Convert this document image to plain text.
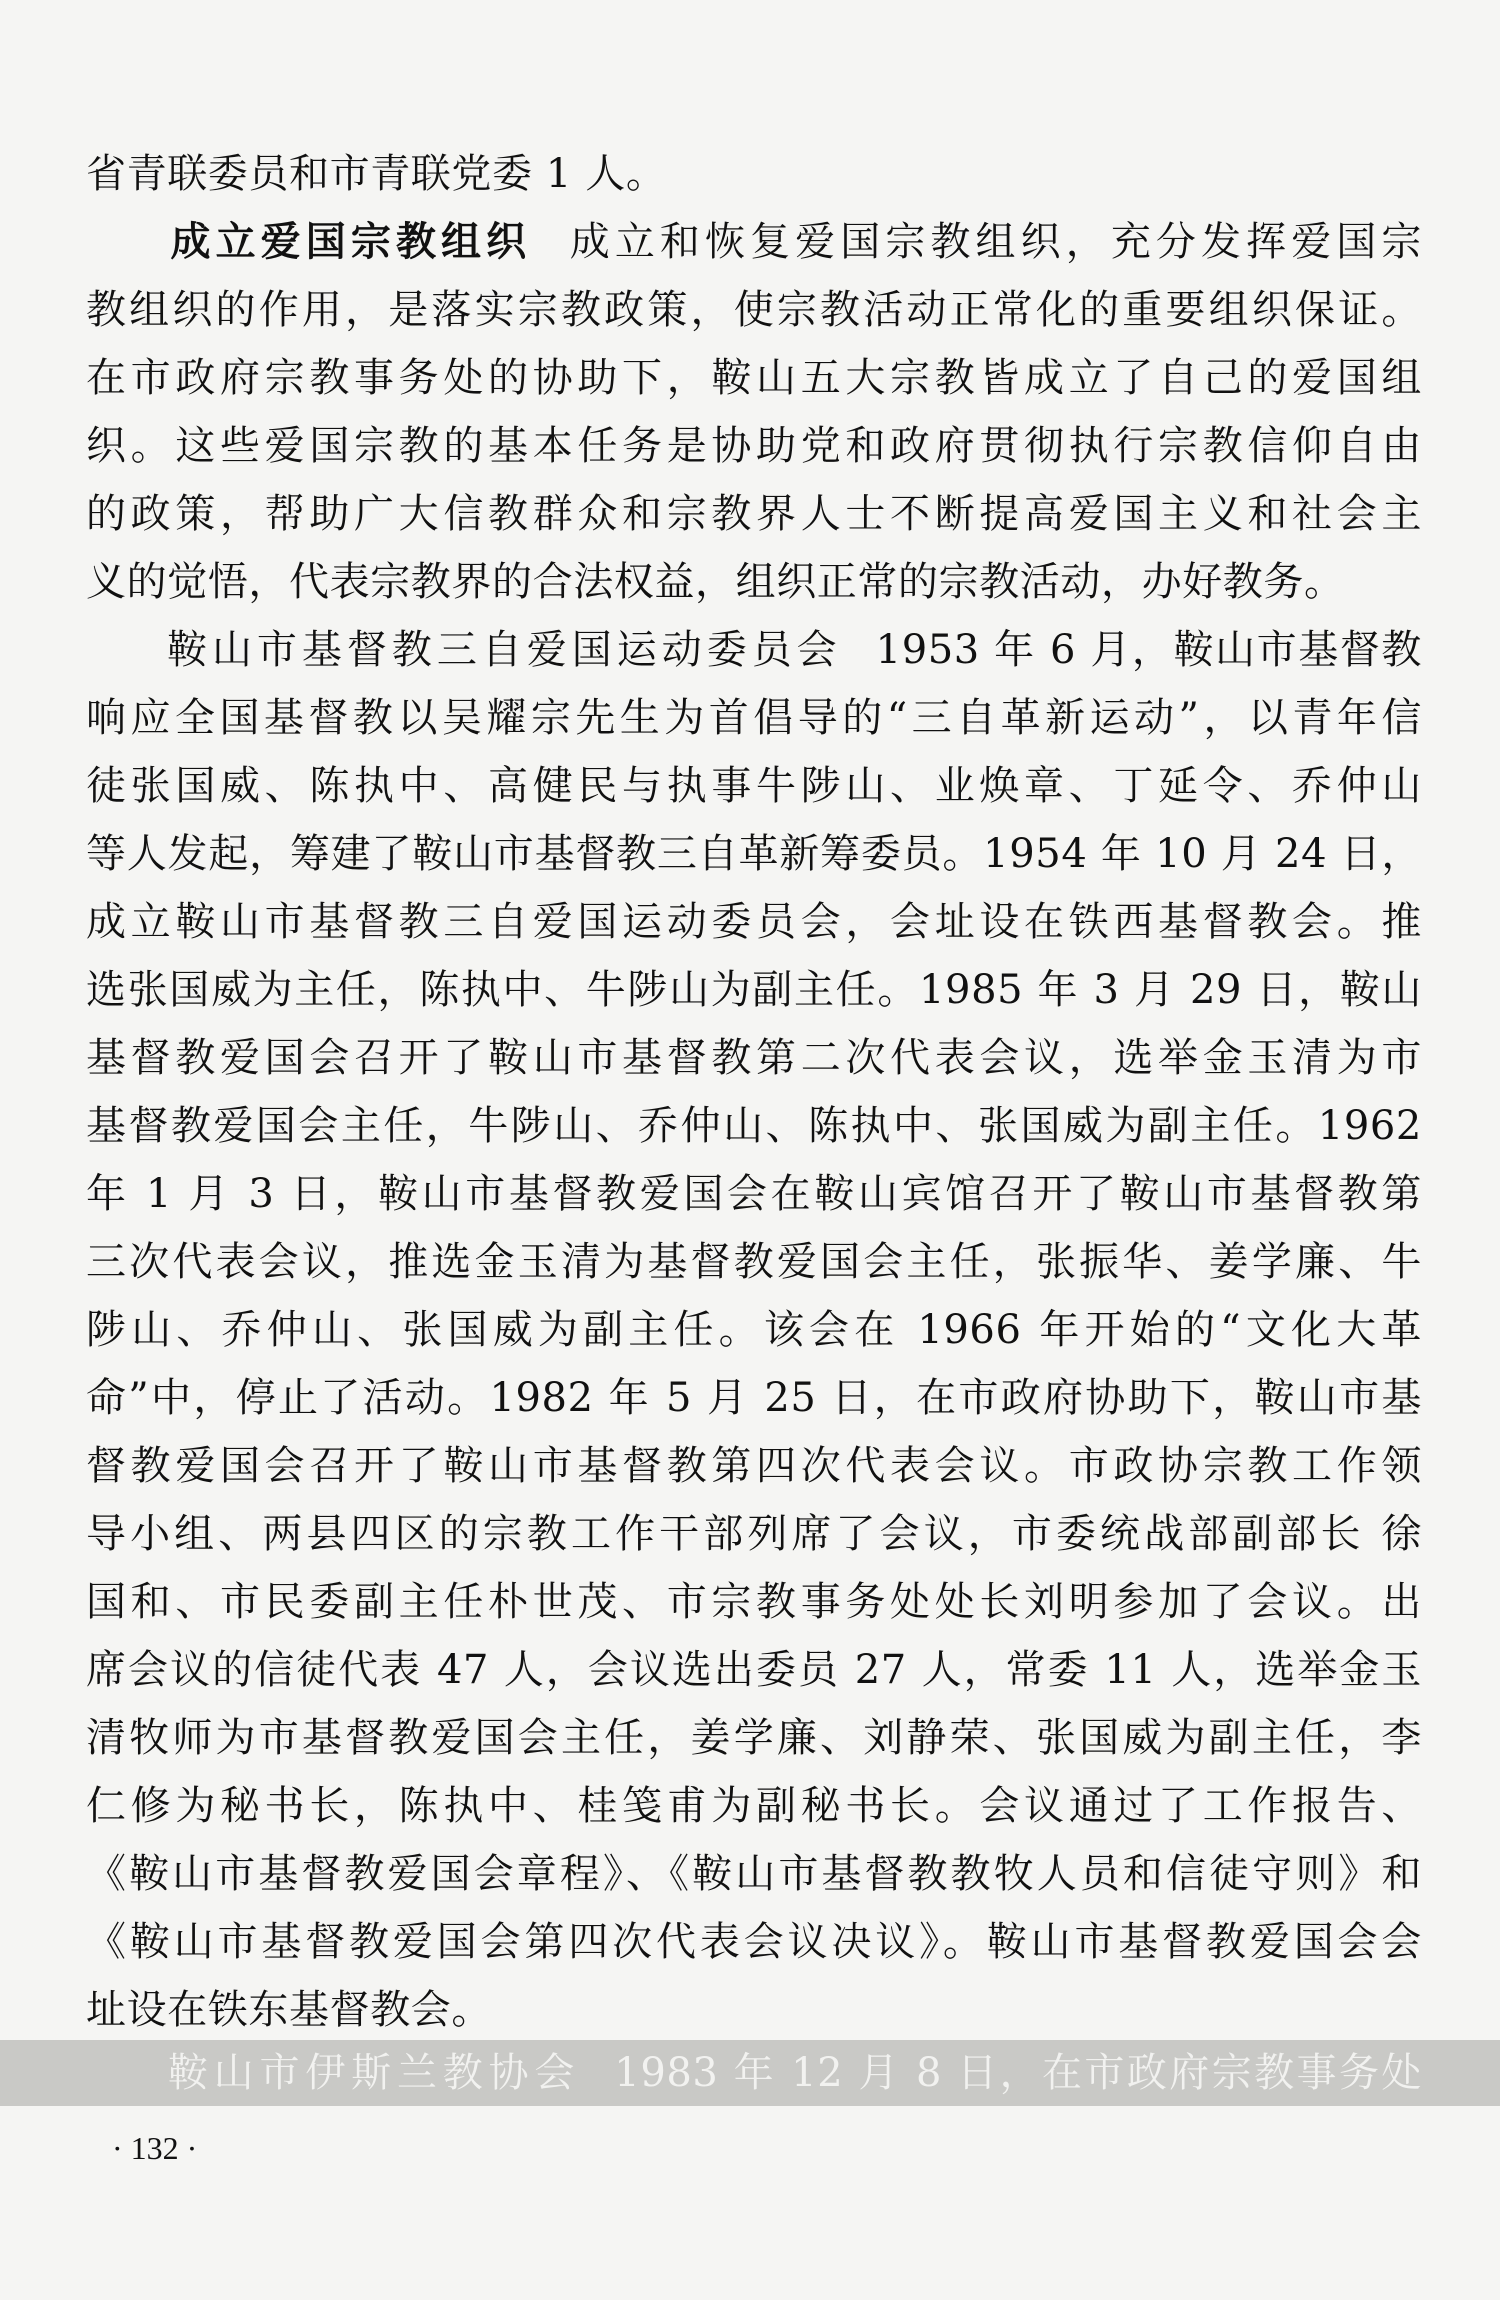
省青联委员和市青联党委 1 人。
成立爱国宗教组织 成立和恢复爱国宗教组织，充分发挥爱国宗
教组织的作用，是落实宗教政策，使宗教活动正常化的重要组织保证。
在市政府宗教事务处的协助下，鞍山五大宗教皆成立了自己的爱国组
织。这些爱国宗教的基本任务是协助党和政府贯彻执行宗教信仰自由
的政策，帮助广大信教群众和宗教界人士不断提高爱国主义和社会主
义的觉悟，代表宗教界的合法权益，组织正常的宗教活动，办好教务。
鞍山市基督教三自爱国运动委员会 1953 年 6 月，鞍山市基督教
响应全国基督教以吴耀宗先生为首倡导的“三自革新运动”，以青年信
徒张国威、陈执中、高健民与执事牛陟山、业焕章、丁延令、乔仲山
等人发起，筹建了鞍山市基督教三自革新筹委员。1954 年 10 月 24 日，
成立鞍山市基督教三自爱国运动委员会，会址设在铁西基督教会。推
选张国威为主任，陈执中、牛陟山为副主任。1985 年 3 月 29 日，鞍山
基督教爱国会召开了鞍山市基督教第二次代表会议，选举金玉清为市
基督教爱国会主任，牛陟山、乔仲山、陈执中、张国威为副主任。1962
年 1 月 3 日，鞍山市基督教爱国会在鞍山宾馆召开了鞍山市基督教第
三次代表会议，推选金玉清为基督教爱国会主任，张振华、姜学廉、牛
陟山、乔仲山、张国威为副主任。该会在 1966 年开始的“文化大革
命”中，停止了活动。1982 年 5 月 25 日，在市政府协助下，鞍山市基
督教爱国会召开了鞍山市基督教第四次代表会议。市政协宗教工作领
导小组、两县四区的宗教工作干部列席了会议，市委统战部副部长 徐
国和、市民委副主任朴世茂、市宗教事务处处长刘明参加了会议。出
席会议的信徒代表 47 人，会议选出委员 27 人，常委 11 人，选举金玉
清牧师为市基督教爱国会主任，姜学廉、刘静荣、张国威为副主任，李
仁修为秘书长，陈执中、桂笺甫为副秘书长。会议通过了工作报告、
《鞍山市基督教爱国会章程》、《鞍山市基督教教牧人员和信徒守则》和
《鞍山市基督教爱国会第四次代表会议决议》。鞍山市基督教爱国会会
址设在铁东基督教会。
鞍山市伊斯兰教协会 1983 年 12 月 8 日，在市政府宗教事务处
· 132 ·
